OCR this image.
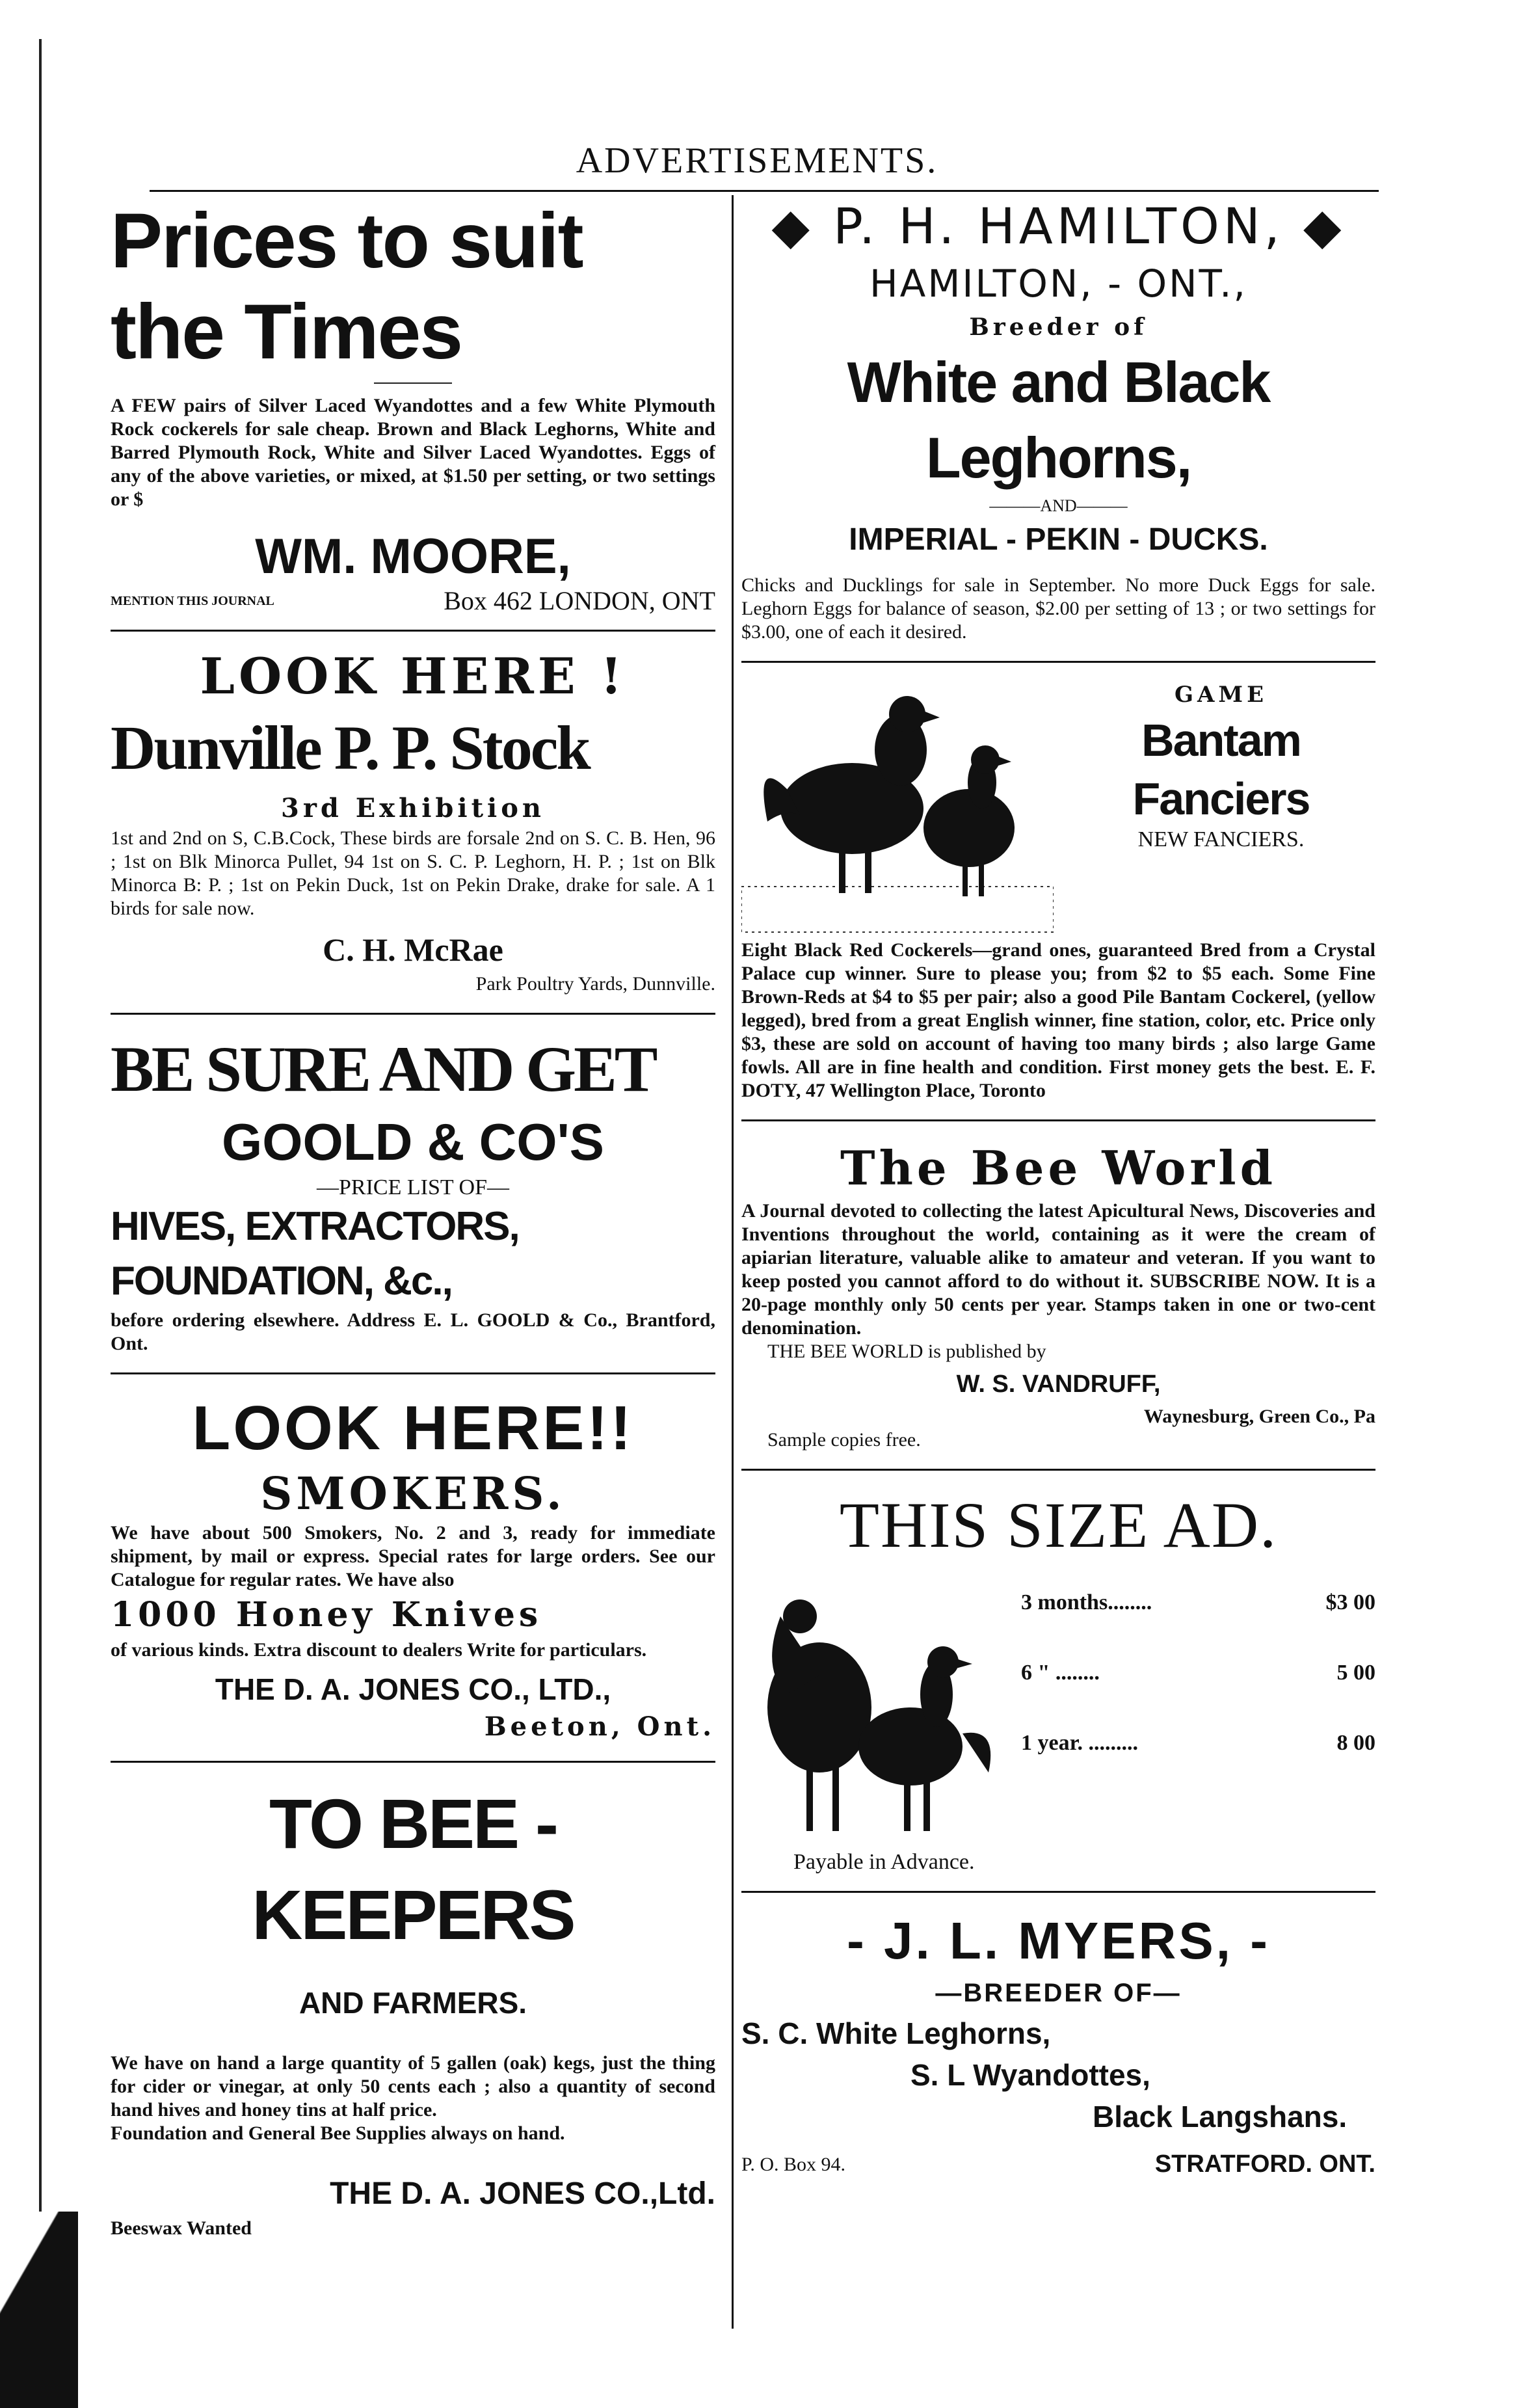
ADVERTISEMENTS.
Prices to suit the Times
A FEW pairs of Silver Laced Wyandottes and a few White Plymouth Rock cockerels for sale cheap. Brown and Black Leghorns, White and Barred Plymouth Rock, White and Silver Laced Wyandottes. Eggs of any of the above varieties, or mixed, at $1.50 per setting, or two settings or $
WM. MOORE,
MENTION THIS JOURNAL	Box 462 LONDON, ONT
LOOK HERE !
Dunville P. P. Stock
3rd Exhibition
1st and 2nd on S, C.B.Cock, These birds are forsale 2nd on S. C. B. Hen, 96 ; 1st on Blk Minorca Pullet, 94 1st on S. C. P. Leghorn, H. P. ; 1st on Blk Minorca B: P. ; 1st on Pekin Duck, 1st on Pekin Drake, drake for sale. A 1 birds for sale now.
C. H. McRae
Park Poultry Yards, Dunnville.
BE SURE AND GET
GOOLD & CO'S
—PRICE LIST OF—
HIVES, EXTRACTORS, FOUNDATION, &c.,
before ordering elsewhere. Address E. L. GOOLD & Co., Brantford, Ont.
LOOK HERE!!
SMOKERS.
We have about 500 Smokers, No. 2 and 3, ready for immediate shipment, by mail or express. Special rates for large orders. See our Catalogue for regular rates. We have also
1000 Honey Knives
of various kinds. Extra discount to dealers Write for particulars.
THE D. A. JONES CO., LTD.,
Beeton, Ont.
TO BEE - KEEPERS
AND FARMERS.
We have on hand a large quantity of 5 gallen (oak) kegs, just the thing for cider or vinegar, at only 50 cents each ; also a quantity of second hand hives and honey tins at half price.
Foundation and General Bee Supplies always on hand.
THE D. A. JONES CO.,Ltd.
Beeswax Wanted
◆ P. H. HAMILTON, ◆
HAMILTON, - ONT.,
Breeder of
White and Black Leghorns,
———AND———
IMPERIAL - PEKIN - DUCKS.
Chicks and Ducklings for sale in September. No more Duck Eggs for sale. Leghorn Eggs for balance of season, $2.00 per setting of 13 ; or two settings for $3.00, one of each it desired.
GAME
Bantam Fanciers
NEW FANCIERS.
Eight Black Red Cockerels—grand ones, guaranteed Bred from a Crystal Palace cup winner. Sure to please you; from $2 to $5 each. Some Fine Brown-Reds at $4 to $5 per pair; also a good Pile Bantam Cockerel, (yellow legged), bred from a great English winner, fine station, color, etc. Price only $3, these are sold on account of having too many birds ; also large Game fowls. All are in fine health and condition. First money gets the best. E. F. DOTY, 47 Wellington Place, Toronto
The Bee World
A Journal devoted to collecting the latest Apicultural News, Discoveries and Inventions throughout the world, containing as it were the cream of apiarian literature, valuable alike to amateur and veteran. If you want to keep posted you cannot afford to do without it. SUBSCRIBE NOW. It is a 20-page monthly only 50 cents per year. Stamps taken in one or two-cent denomination.
THE BEE WORLD is published by
W. S. VANDRUFF,
Waynesburg, Green Co., Pa
Sample copies free.
THIS SIZE AD.
3 months........	$3 00
6 " ........	5 00
1 year. .........	8 00
Payable in Advance.
- J. L. MYERS, -
—BREEDER OF—
S. C. White Leghorns,
S. L Wyandottes,
Black Langshans.
P. O. Box 94.	STRATFORD. ONT.
